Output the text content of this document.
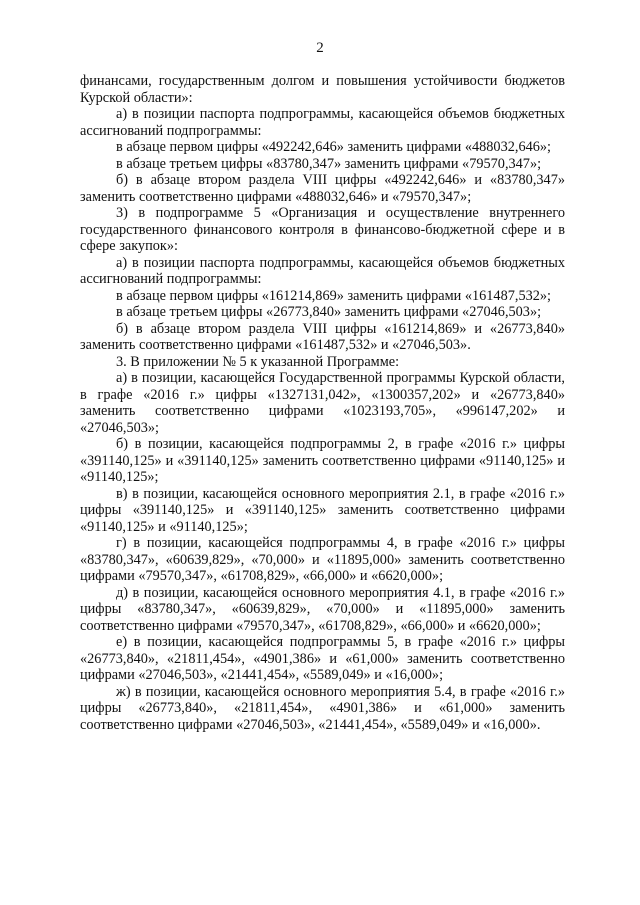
2

финансами, государственным долгом и повышения устойчивости бюджетов Курской области»:

а) в позиции паспорта подпрограммы, касающейся объемов бюджетных ассигнований подпрограммы:

в абзаце первом цифры «492242,646» заменить цифрами «488032,646»;

в абзаце третьем цифры «83780,347» заменить цифрами «79570,347»;

б) в абзаце втором раздела VIII цифры «492242,646» и «83780,347» заменить соответственно цифрами «488032,646» и «79570,347»;

3) в подпрограмме 5 «Организация и осуществление внутреннего государственного финансового контроля в финансово-бюджетной сфере и в сфере закупок»:

а) в позиции паспорта подпрограммы, касающейся объемов бюджетных ассигнований подпрограммы:

в абзаце первом цифры «161214,869» заменить цифрами «161487,532»;

в абзаце третьем цифры «26773,840» заменить цифрами «27046,503»;

б) в абзаце втором раздела VIII цифры «161214,869» и «26773,840» заменить соответственно цифрами «161487,532» и «27046,503».

3. В приложении № 5 к указанной Программе:

а) в позиции, касающейся Государственной программы Курской области, в графе «2016 г.» цифры «1327131,042», «1300357,202» и «26773,840» заменить соответственно цифрами «1023193,705», «996147,202» и «27046,503»;

б) в позиции, касающейся подпрограммы 2, в графе «2016 г.» цифры «391140,125» и «391140,125» заменить соответственно цифрами «91140,125» и «91140,125»;

в) в позиции, касающейся основного мероприятия 2.1, в графе «2016 г.» цифры «391140,125» и «391140,125» заменить соответственно цифрами «91140,125» и «91140,125»;

г) в позиции, касающейся подпрограммы 4, в графе «2016 г.» цифры «83780,347», «60639,829», «70,000» и «11895,000» заменить соответственно цифрами «79570,347», «61708,829», «66,000» и «6620,000»;

д) в позиции, касающейся основного мероприятия 4.1, в графе «2016 г.» цифры «83780,347», «60639,829», «70,000» и «11895,000» заменить соответственно цифрами «79570,347», «61708,829», «66,000» и «6620,000»;

е) в позиции, касающейся подпрограммы 5, в графе «2016 г.» цифры «26773,840», «21811,454», «4901,386» и «61,000» заменить соответственно цифрами «27046,503», «21441,454», «5589,049» и «16,000»;

ж) в позиции, касающейся основного мероприятия 5.4, в графе «2016 г.» цифры «26773,840», «21811,454», «4901,386» и «61,000» заменить соответственно цифрами «27046,503», «21441,454», «5589,049» и «16,000».
